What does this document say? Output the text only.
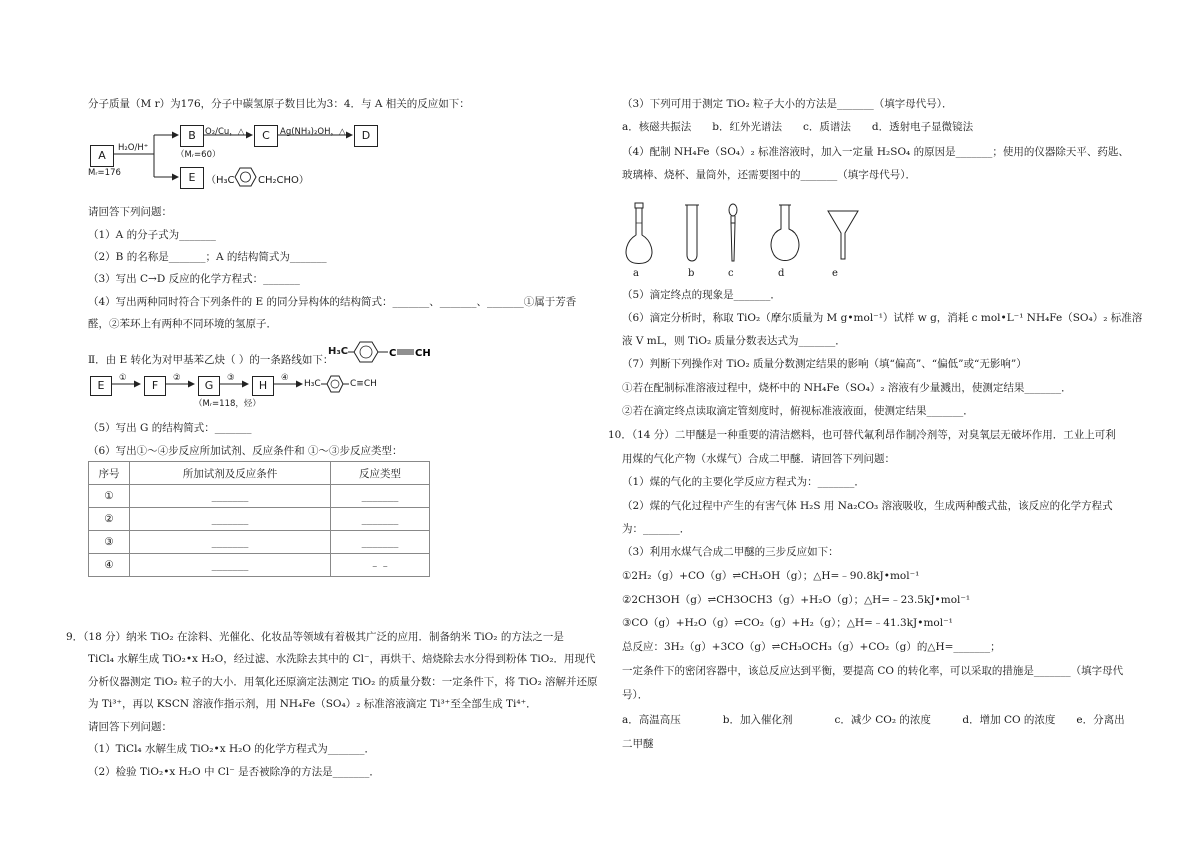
分子质量（M r）为176，分子中碳氢原子数目比为3：4．与 A 相关的反应如下：
A
B	C	D
E
H₂O/H⁺
O₂/Cu，△	Ag(NH₃)₂OH，△
（Mᵣ=60）
Mᵣ=176
（H₃C CH₂CHO）
请回答下列问题：
（1）A 的分子式为_______
（2）B 的名称是_______；A 的结构简式为_______
（3）写出 C→D 反应的化学方程式：_______
（4）写出两种同时符合下列条件的 E 的同分异构体的结构简式：_______、_______、_______①属于芳香
醛，②苯环上有两种不同环境的氢原子．
Ⅱ．由 E 转化为对甲基苯乙炔（ ）的一条路线如下：
H₃C	C CH
E	F	G	H
①	②	③	④
（Mᵣ=118，烃）
H₃C	C≡CH
（5）写出 G 的结构简式：_______
（6）写出①～④步反应所加试剂、反应条件和 ①～③步反应类型：
序号	所加试剂及反应条件	反应类型
①	_______	_______
②	_______	_______
③	_______	_______
④	_______	﹣﹣
9．（18 分）纳米 TiO₂ 在涂料、光催化、化妆品等领域有着极其广泛的应用．制备纳米 TiO₂ 的方法之一是
TiCl₄ 水解生成 TiO₂•x H₂O，经过滤、水洗除去其中的 Cl⁻，再烘干、焙烧除去水分得到粉体 TiO₂．用现代
分析仪器测定 TiO₂ 粒子的大小．用氧化还原滴定法测定 TiO₂ 的质量分数：一定条件下，将 TiO₂ 溶解并还原
为 Ti³⁺，再以 KSCN 溶液作指示剂，用 NH₄Fe（SO₄）₂ 标准溶液滴定 Ti³⁺至全部生成 Ti⁴⁺．
请回答下列问题：
（1）TiCl₄ 水解生成 TiO₂•x H₂O 的化学方程式为_______．
（2）检验 TiO₂•x H₂O 中 Cl⁻ 是否被除净的方法是_______．
（3）下列可用于测定 TiO₂ 粒子大小的方法是_______（填字母代号）．
a．核磁共振法　　b．红外光谱法　　c．质谱法　　d．透射电子显微镜法
（4）配制 NH₄Fe（SO₄）₂ 标准溶液时，加入一定量 H₂SO₄ 的原因是_______；使用的仪器除天平、药匙、
玻璃棒、烧杯、量筒外，还需要图中的_______（填字母代号）．
a	b	c	d	e
（5）滴定终点的现象是_______．
（6）滴定分析时，称取 TiO₂（摩尔质量为 M g•mol⁻¹）试样 w g，消耗 c mol•L⁻¹ NH₄Fe（SO₄）₂ 标准溶
液 V mL，则 TiO₂ 质量分数表达式为_______．
（7）判断下列操作对 TiO₂ 质量分数测定结果的影响（填“偏高”、“偏低”或“无影响”）
①若在配制标准溶液过程中，烧杯中的 NH₄Fe（SO₄）₂ 溶液有少量溅出，使测定结果_______．
②若在滴定终点读取滴定管刻度时，俯视标准液液面，使测定结果_______．
10．（14 分）二甲醚是一种重要的清洁燃料，也可替代氟利昂作制冷剂等，对臭氧层无破坏作用．工业上可利
用煤的气化产物（水煤气）合成二甲醚．请回答下列问题：
（1）煤的气化的主要化学反应方程式为：_______．
（2）煤的气化过程中产生的有害气体 H₂S 用 Na₂CO₃ 溶液吸收，生成两种酸式盐，该反应的化学方程式
为：_______．
（3）利用水煤气合成二甲醚的三步反应如下：
①2H₂（g）+CO（g）⇌CH₃OH（g）；△H=﹣90.8kJ•mol⁻¹
②2CH3OH（g）⇌CH3OCH3（g）+H₂O（g）；△H=﹣23.5kJ•mol⁻¹
③CO（g）+H₂O（g）⇌CO₂（g）+H₂（g）；△H=﹣41.3kJ•mol⁻¹
总反应：3H₂（g）+3CO（g）⇌CH₃OCH₃（g）+CO₂（g）的△H=_______；
一定条件下的密闭容器中，该总反应达到平衡，要提高 CO 的转化率，可以采取的措施是_______（填字母代
号）．
a．高温高压　　　　b．加入催化剂　　　　c．减少 CO₂ 的浓度　　　d．增加 CO 的浓度　　e．分离出
二甲醚
